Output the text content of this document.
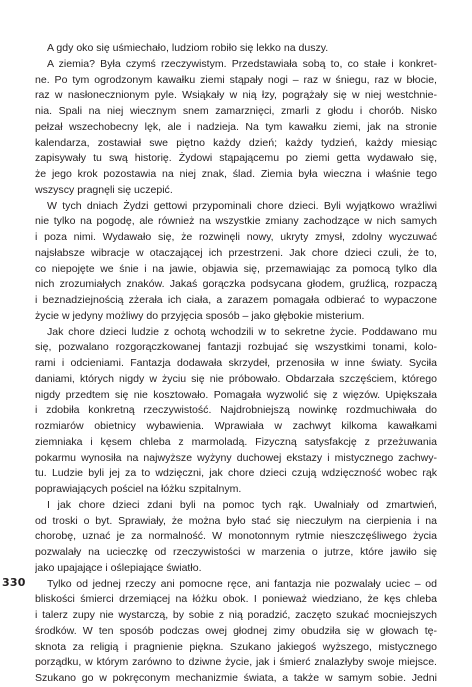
A gdy oko się uśmiechało, ludziom robiło się lekko na duszy.
A ziemia? Była czymś rzeczywistym. Przedstawiała sobą to, co stałe i konkret-
ne. Po tym ogrodzonym kawałku ziemi stąpały nogi – raz w śniegu, raz w błocie,
raz w nasłonecznionym pyle. Wsiąkały w nią łzy, pogrążały się w niej westchnie-
nia. Spali na niej wiecznym snem zamarznięci, zmarli z głodu i chorób. Nisko
pełzał wszechobecny lęk, ale i nadzieja. Na tym kawałku ziemi, jak na stronie
kalendarza, zostawiał swe piętno każdy dzień; każdy tydzień, każdy miesiąc
zapisywały tu swą historię. Żydowi stąpającemu po ziemi getta wydawało się,
że jego krok pozostawia na niej znak, ślad. Ziemia była wieczna i właśnie tego
wszyscy pragnęli się uczepić.
W tych dniach Żydzi gettowi przypominali chore dzieci. Byli wyjątkowo wrażliwi
nie tylko na pogodę, ale również na wszystkie zmiany zachodzące w nich samych
i poza nimi. Wydawało się, że rozwinęli nowy, ukryty zmysł, zdolny wyczuwać
najsłabsze wibracje w otaczającej ich przestrzeni. Jak chore dzieci czuli, że to,
co niepojęte we śnie i na jawie, objawia się, przemawiając za pomocą tylko dla
nich zrozumiałych znaków. Jakaś gorączka podsycana głodem, gruźlicą, rozpaczą
i beznadziejnością zżerała ich ciała, a zarazem pomagała odbierać to wypaczone
życie w jedyny możliwy do przyjęcia sposób – jako głębokie misterium.
Jak chore dzieci ludzie z ochotą wchodzili w to sekretne życie. Poddawano mu
się, pozwalano rozgorączkowanej fantazji rozbujać się wszystkimi tonami, kolo-
rami i odcieniami. Fantazja dodawała skrzydeł, przenosiła w inne światy. Syciła
daniami, których nigdy w życiu się nie próbowało. Obdarzała szczęściem, którego
nigdy przedtem się nie kosztowało. Pomagała wyzwolić się z więzów. Upiększała
i zdobiła konkretną rzeczywistość. Najdrobniejszą nowinkę rozdmuchiwała do
rozmiarów obietnicy wybawienia. Wprawiała w zachwyt kilkoma kawałkami
ziemniaka i kęsem chleba z marmoladą. Fizyczną satysfakcję z przeżuwania
pokarmu wynosiła na najwyższe wyżyny duchowej ekstazy i mistycznego zachwy-
tu. Ludzie byli jej za to wdzięczni, jak chore dzieci czują wdzięczność wobec rąk
poprawiających pościel na łóżku szpitalnym.
I jak chore dzieci zdani byli na pomoc tych rąk. Uwalniały od zmartwień,
od troski o byt. Sprawiały, że można było stać się nieczułym na cierpienia i na
chorobę, uznać je za normalność. W monotonnym rytmie nieszczęśliwego życia
pozwalały na ucieczkę od rzeczywistości w marzenia o jutrze, które jawiło się
jako upajające i oślepiające światło.
Tylko od jednej rzeczy ani pomocne ręce, ani fantazja nie pozwalały uciec – od
bliskości śmierci drzemiącej na łóżku obok. I ponieważ wiedziano, że kęs chleba
i talerz zupy nie wystarczą, by sobie z nią poradzić, zaczęto szukać mocniejszych
środków. W ten sposób podczas owej głodnej zimy obudziła się w głowach tę-
sknota za religią i pragnienie piękna. Szukano jakiegoś wyższego, mistycznego
porządku, w którym zarówno to dziwne życie, jak i śmierć znalazłyby swoje miejsce.
Szukano go w pokręconym mechanizmie świata, a także w samym sobie. Jedni
330
